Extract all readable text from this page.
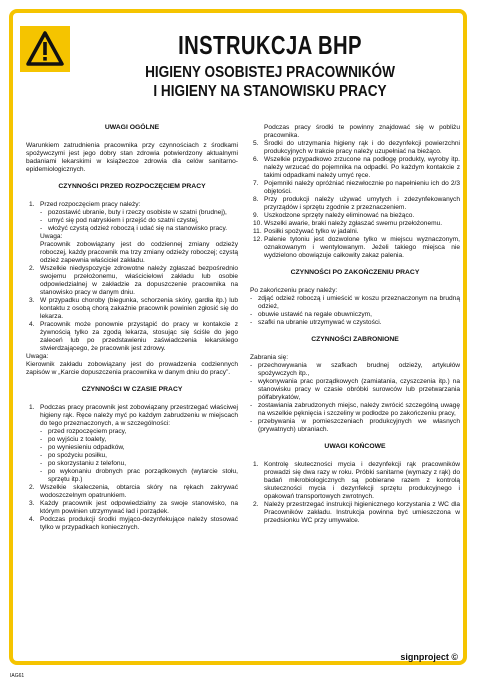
INSTRUKCJA BHP
HIGIENY OSOBISTEJ PRACOWNIKÓW
I HIGIENY NA STANOWISKU PRACY
UWAGI OGÓLNE

Warunkiem zatrudnienia pracownika przy czynnościach z środkami spożywczymi jest jego dobry stan zdrowia potwierdzony aktualnymi badaniami lekarskimi w książeczce zdrowia dla celów sanitarno-epidemiologicznych.

CZYNNOŚCI PRZED ROZPOCZĘCIEM PRACY
1. Przed rozpoczęciem pracy należy:
- pozostawić ubranie, buty i rzeczy osobiste w szatni (brudnej),
- umyć się pod natryskiem i przejść do szatni czystej,
- włożyć czystą odzież roboczą i udać się na stanowisko pracy.
Uwaga:
Pracownik zobowiązany jest do codziennej zmiany odzieży roboczej, każdy pracownik ma trzy zmiany odzieży roboczej; czystą odzież zapewnia właściciel zakładu.
2. Wszelkie niedyspozycje zdrowotne należy zgłaszać bezpośrednio swojemu przełożonemu, właścicielowi zakładu lub osobie odpowiedzialnej w zakładzie za dopuszczenie pracownika na stanowisko pracy w danym dniu.
3. W przypadku choroby (biegunka, schorzenia skóry, gardła itp.) lub kontaktu z osobą chorą zakaźnie pracownik powinien zgłosić się do lekarza.
4. Pracownik może ponownie przystąpić do pracy w kontakcie z żywnością tylko za zgodą lekarza, stosując się ściśle do jego zaleceń lub po przedstawieniu zaświadczenia lekarskiego stwierdzającego, że pracownik jest zdrowy.

Uwaga:

Kierownik zakładu zobowiązany jest do prowadzenia codziennych zapisów w „Karcie dopuszczenia pracownika w danym dniu do pracy”.

CZYNNOŚCI W CZASIE PRACY
1. Podczas pracy pracownik jest zobowiązany przestrzegać właściwej higieny rąk. Ręce należy myć po każdym zabrudzeniu w miejscach do tego przeznaczonych, a w szczególności:
- przed rozpoczęciem pracy,
- po wyjściu z toalety,
- po wyniesieniu odpadków,
- po spożyciu posiłku,
- po skorzystaniu z telefonu,
- po wykonaniu drobnych prac porządkowych (wytarcie stołu, sprzętu itp.)
2. Wszelkie skaleczenia, obtarcia skóry na rękach zakrywać wodoszczelnym opatrunkiem.
3. Każdy pracownik jest odpowiedzialny za swoje stanowisko, na którym powinien utrzymywać ład i porządek.
4. Podczas produkcji środki myjąco-dezynfekujące należy stosować tylko w przypadkach koniecznych.
Podczas pracy środki te powinny znajdować się w pobliżu pracownika.
5. Środki do utrzymania higieny rąk i do dezynfekcji powierzchni produkcyjnych w trakcie pracy należy uzupełniać na bieżąco.
6. Wszelkie przypadkowo zrzucone na podłogę produkty, wyroby itp. należy wrzucać do pojemnika na odpadki. Po każdym kontakcie z takimi odpadkami należy umyć ręce.
7. Pojemniki należy opróżniać niezwłocznie po napełnieniu ich do 2/3 objętości.
8. Przy produkcji należy używać umytych i zdezynfekowanych przyrządów i sprzętu zgodnie z przeznaczeniem.
9. Uszkodzone sprzęty należy eliminować na bieżąco.
10. Wszelki awarie, braki należy zgłaszać swemu przełożonemu.
11. Posiłki spożywać tylko w jadalni.
12. Palenie tytoniu jest dozwolone tylko w miejscu wyznaczonym, oznakowanym i wentylowanym. Jeżeli takiego miejsca nie wydzielono obowiązuje całkowity zakaz palenia.
CZYNNOŚCI PO ZAKOŃCZENIU PRACY

Po zakończeniu pracy należy:

- zdjąć odzież roboczą i umieścić w koszu przeznaczonym na brudną odzież,
- obuwie ustawić na regale obuwniczym,
- szafki na ubranie utrzymywać w czystości.
CZYNNOŚCI ZABRONIONE

Zabrania się:

- przechowywania w szafkach brudnej odzieży, artykułów spożywczych itp.,
- wykonywania prac porządkowych (zamiatania, czyszczenia itp.) na stanowisku pracy w czasie obróbki surowców lub przetwarzania półfabrykatów,
- zostawiania zabrudzonych miejsc, należy zwrócić szczególną uwagę na wszelkie pęknięcia i szczeliny w podłodze po zakończeniu pracy,
- przebywania w pomieszczeniach produkcyjnych we własnych (prywatnych) ubraniach.
UWAGI KOŃCOWE
1. Kontrolę skuteczności mycia i dezynfekcji rąk pracowników prowadzi się dwa razy w roku. Próbki sanitarne (wymazy z rąk) do badań mikrobiologicznych są pobierane razem z kontrolą skuteczności mycia i dezynfekcji sprzętu produkcyjnego i opakowań transportowych zwrotnych.
2. Należy przestrzegać instrukcji higienicznego korzystania z WC dla Pracowników zakładu. Instrukcja powinna być umieszczona w przedsionku WC przy umywalce.
signproject ©
IAG61
